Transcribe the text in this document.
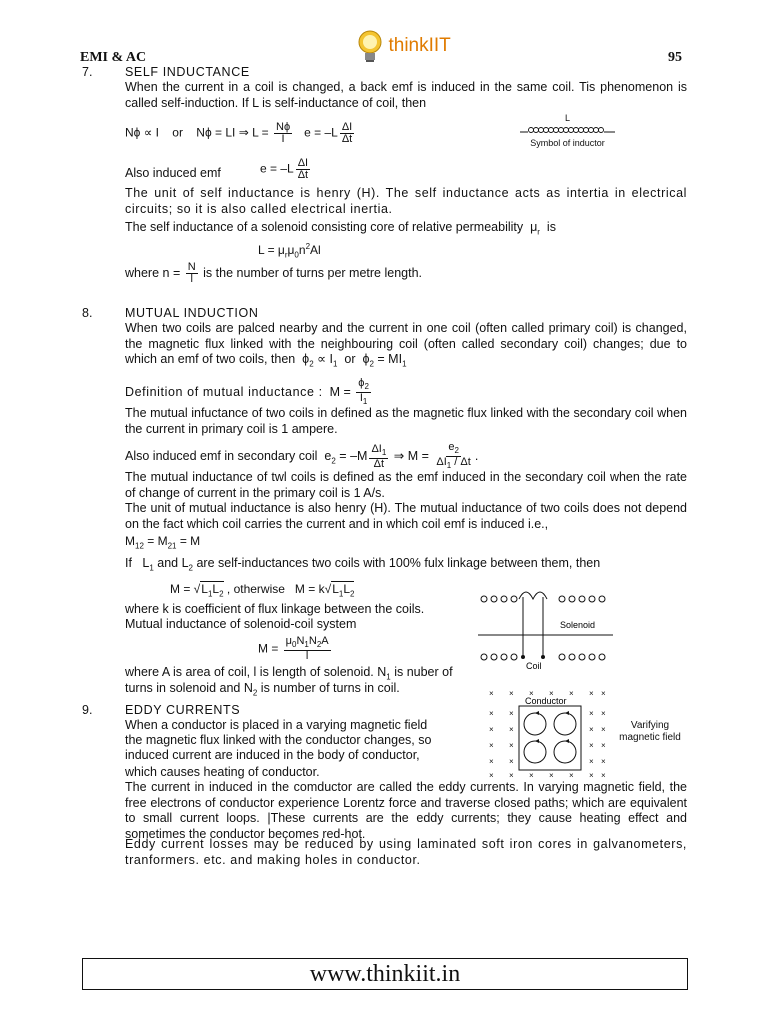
EMI & AC
thinkIIT
95
7.	SELF INDUCTANCE
When the current in a coil is changed, a back emf is induced in the same coil. Tis phenomenon is called self-induction. If L is self-inductance of coil, then
Nϕ ∝ I    or    Nϕ = LI ⇒ $L = \frac{N\phi}{I}$ $e = -L \frac{\Delta I}{\Delta t}$
L
Symbol of inductor
Also induced emf	$e = -L \frac{\Delta I}{\Delta t}$
The unit of self inductance is henry (H). The self inductance acts as intertia in electrical circuits; so it is also called electrical inertia.
The self inductance of a solenoid consisting core of relative permeability  $\mu_r$ is
$L = \mu_r\mu_0n^2Al$
where $n = \frac{N}{l}$ is the number of turns per metre length.
8.	MUTUAL INDUCTION
When two coils are palced nearby and the current in one coil (often called primary coil) is changed, the magnetic flux linked with the neighbouring coil (often called secondary coil) changes; due to which an emf of two coils, then  $\phi_2 \propto I_1$ or  $\phi_2 = MI_1$
Definition of mutual inductance :  $M = \frac{\phi_2}{I_1}$
The mutual infuctance of two coils in defined as the magnetic flux linked with the secondary coil when the current in primary coil is 1 ampere.
Also induced emf in secondary coil  $e_2 = -M \frac{\Delta I_1}{\Delta t}$ ⇒ $M = \frac{e_2}{\Delta I_1 / \Delta t}$ .
The mutual inductance of twl coils is defined as the emf induced in the secondary coil when the rate of change of current in the primary coil is 1 A/s.
The unit of mutual inductance is also henry (H). The mutual inductance of two coils does not depend on the fact which coil carries the current and in which coil emf is induced i.e.,
$M_{12} = M_{21} = M$
If   $L_1$ and $L_2$ are self-inductances two coils with 100% fulx linkage between them, then
$M = √L_1L_2$ , otherwise   $M = k√L_1L_2$
where k is coefficient of flux linkage between the coils.
Mutual inductance of solenoid-coil system
$M = \frac{\mu_0N_1N_2A}{l}$
where A is area of coil, l is length of solenoid. $N_1$ is nuber of
turns in solenoid and $N_2$ is number of turns in coil.
Solenoid
Coil
9.	EDDY CURRENTS
When a conductor is placed in a varying magnetic field
the magnetic flux linked with the conductor changes, so
induced current are induced in the body of conductor,
which causes heating of conductor.
× × × × × × ×
× ×	× ×
× ×	× ×
× ×	× ×
× ×	× ×
× × × × × × ×
Conductor
Varifying
magnetic field
The current in induced in the comductor are called the eddy currents. In varying magnetic field, the free electrons of conductor experience Lorentz force and traverse closed paths; which are equivalent to small current loops. |These currents are the eddy currents; they cause heating effect and sometimes the conductor becomes red-hot.
Eddy current losses may be reduced by using laminated soft iron cores in galvanometers, tranformers. etc. and making holes in conductor.
www.thinkiit.in
